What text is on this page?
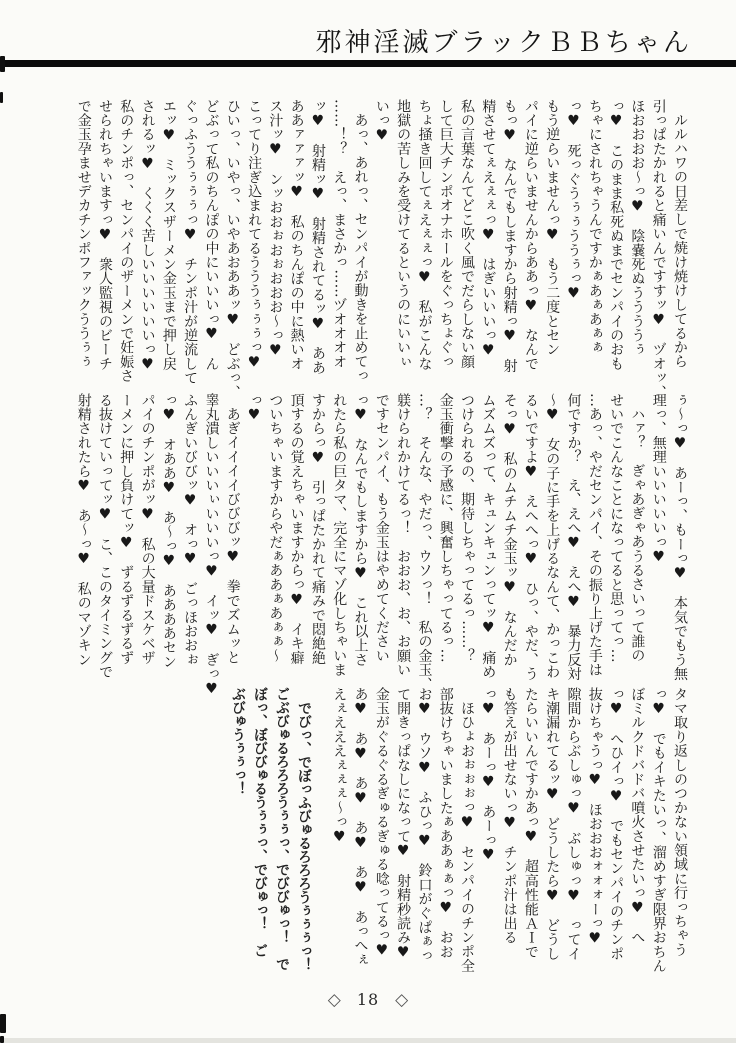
邪神淫滅ブラックＢＢちゃん

ルルハワの日差しで焼け焼けしてるから

引っぱたかれると痛いんですすッ♥　ヅオッ、

ほおおおお～っ♥　陰嚢死ぬううううぅ

っ♥　このまま私死ぬまでセンパイのおも

ちゃにされちゃうんですかぁあぁあぁぁ

っ♥　死っぐうぅぅううぅっ♥

もう逆らいませんっ♥　もう二度とセン

パイに逆らいませんからああっ♥　なんで

もっ♥　なんでもしますから射精っ♥　射

精させてぇえぇぇっ♥　はぎいいいっ♥

私の言葉なんてどこ吹く風でだらしない顔

して巨大チンポオナホールをぐっちょぐっ

ちょ掻き回してぇえぇぇっ♥　私がこんな

地獄の苦しみを受けてるというのにいいぃ

いっ♥

あっ、あれっ、センパイが動きを止めてっ

……！？　えっ、まさかっ……ヅオオオオ

ッ♥　射精ッ♥　射精されてるッ♥　ああ

ああァァァッ♥　私のちんぽの中に熱いオ

ス汁ッ♥　ンッおおぉおぉおおお～っ♥

こってり注ぎ込まれてるうううぅぅぅっ♥

ひいっ、いやっ、いやあおああッ♥　どぶっ、

どぶって私のちんぽの中にいいいっ♥　ん

ぐっふううぅぅぅっ♥　チンポ汁が逆流して

エッ♥　ミックスザーメン金玉まで押し戻

されるッ♥　くくく苦しいいいいいいっ♥

私のチンポっ、センパイのザーメンで妊娠さ

せられちゃいますっ♥　衆人監視のビーチ

で金玉孕ませデカチンポファックううぅぅ

ぅ～っ♥　あーっ、もーっ♥　本気でもう無

理っ、無理いいいいいっ♥

ハァ？　ぎゃあぎゃあうるさいって誰の

せいでこんなことになってると思ってっ…

…あっ、やだセンパイ、その振り上げた手は

何ですか？　え、えへ♥　えへ♥　暴力反対

～♥　女の子に手を上げるなんて、かっこわ

るいですよ♥　えへへっ♥　ひっ、やだ、う

そっ♥　私のムチムチ金玉ッ♥　なんだか

ムズムズって、キュンキュンってッ♥　痛め

つけられるの、期待しちゃってるっ……？

金玉衝撃の予感に、興奮しちゃってるっ…

…？　そんな、やだっ、ウソっ！　私の金玉、

躾けられかけてるっ！　おおお、お、お願い

ですセンパイ、もう金玉はやめてください

っ♥　なんでもしますから♥　これ以上さ

れたら私の巨タマ、完全にマゾ化しちゃいま

すからっ♥　引っぱたかれて痛みで悶絶絶

頂するの覚えちゃいますからっ♥　イキ癖

ついちゃいますからやだぁああぁあぁぁ～

っ♥

あぎイイイイびびびッ♥　拳でズムッと

睾丸潰しいいいぃいいいっ♥　イッ♥　ぎっ♥

ふんぎいびびッ♥　オっ♥　ごっほおおぉ

っ♥　オああ♥　あ～っ♥　ああああセン

パイのチンポがッ♥　私の大量ドスケベザ

ーメンに押し負けてッ♥　ずるずるずるず

る抜けていってッ♥　こ、このタイミングで

射精されたら♥　あ～っ♥　私のマゾキン

タマ取り返しのつかない領域に行っちゃう

っ♥　でもイキたいっ、溜めすぎ限界おちん

ぼミルクドバドバ噴火させたいっ♥　へ

っ♥　へひイっ♥　でもセンパイのチンポ

抜けちゃうっ♥　ほおおおォォォーっ♥

隙間からぶしゅっ♥　ぶしゅっ♥　ってイ

キ潮漏れてるッ♥　どうしたら♥　どうし

たらいいんですかあっ♥　超高性能ＡＩで

も答えが出せないっ♥　チンポ汁は出る

っ♥　あーっ♥　あーっ♥

ほひょおぉぉぉっ♥　センパイのチンポ全

部抜けちゃいましたぁああぁぁっ♥　おお

お♥　ウソ♥　ふひっ♥　鈴口がぐぱぁっ

て開きっぱなしになって♥　射精秒読み♥

金玉がぐるぐるぎゅるぎゅる唸ってるっ♥

あ♥　あ♥　あ♥　あ♥　あ♥　あっへぇ

えぇえええぇぇぇ～っ♥

でびっ、でぼっふびゅるろろろうぅぅぅっ！

ごぶびゅるろろろうぅぅっ、でびびゅっ！　で

ぼっ、ぼびびゅるうぅぅっ、でびゅっ！　ご

ぶびゅうぅぅっ！

◇ 18 ◇
